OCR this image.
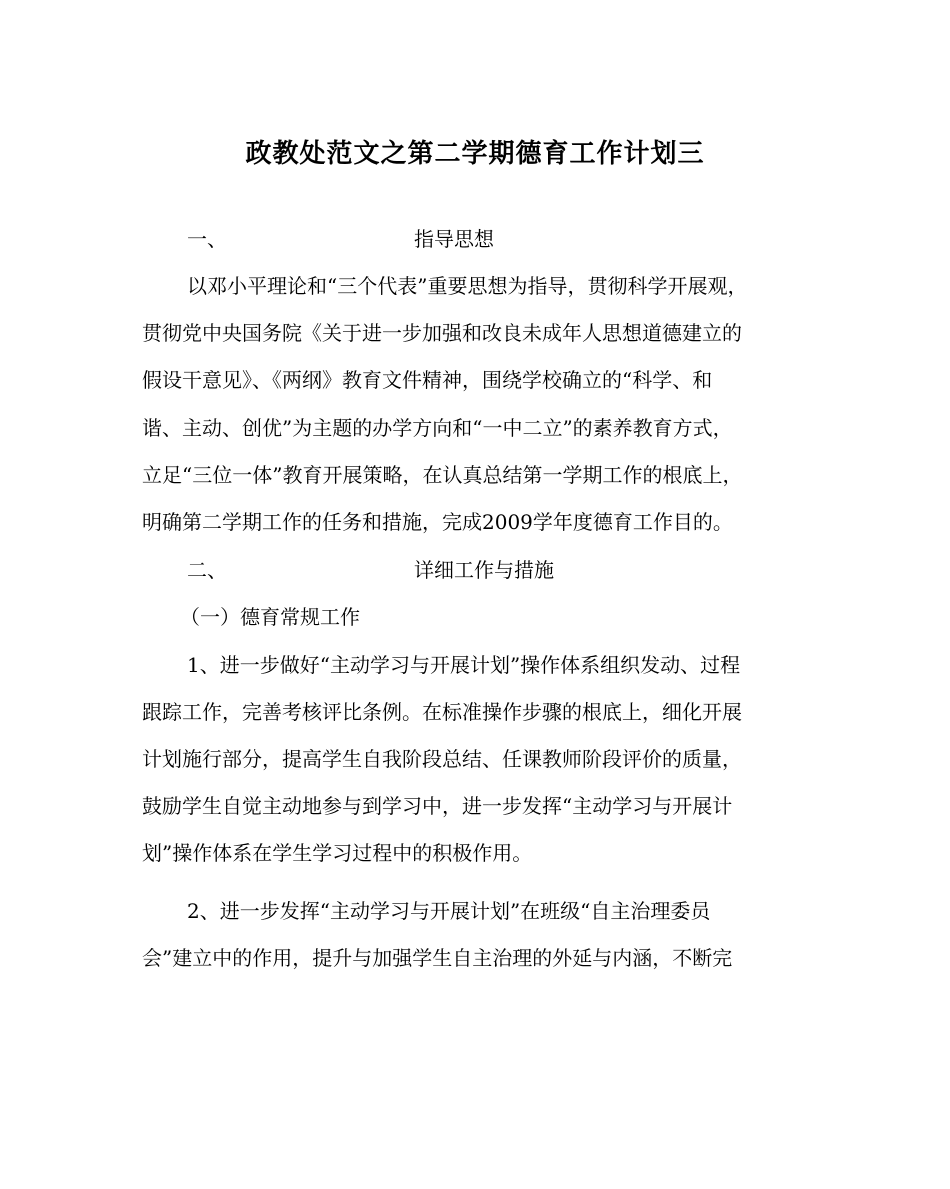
政教处范文之第二学期德育工作计划三
一、	指导思想
以邓小平理论和“三个代表”重要思想为指导，贯彻科学开展观，
贯彻党中央国务院《关于进一步加强和改良未成年人思想道德建立的
假设干意见》、《两纲》教育文件精神，围绕学校确立的“科学、和
谐、主动、创优”为主题的办学方向和“一中二立”的素养教育方式，
立足“三位一体”教育开展策略，在认真总结第一学期工作的根底上，
明确第二学期工作的任务和措施，完成2009学年度德育工作目的。
二、	详细工作与措施
（一）德育常规工作
1、进一步做好“主动学习与开展计划”操作体系组织发动、过程
跟踪工作，完善考核评比条例。在标准操作步骤的根底上，细化开展
计划施行部分，提高学生自我阶段总结、任课教师阶段评价的质量，
鼓励学生自觉主动地参与到学习中，进一步发挥“主动学习与开展计
划”操作体系在学生学习过程中的积极作用。
2、进一步发挥“主动学习与开展计划”在班级“自主治理委员
会”建立中的作用，提升与加强学生自主治理的外延与内涵，不断完
